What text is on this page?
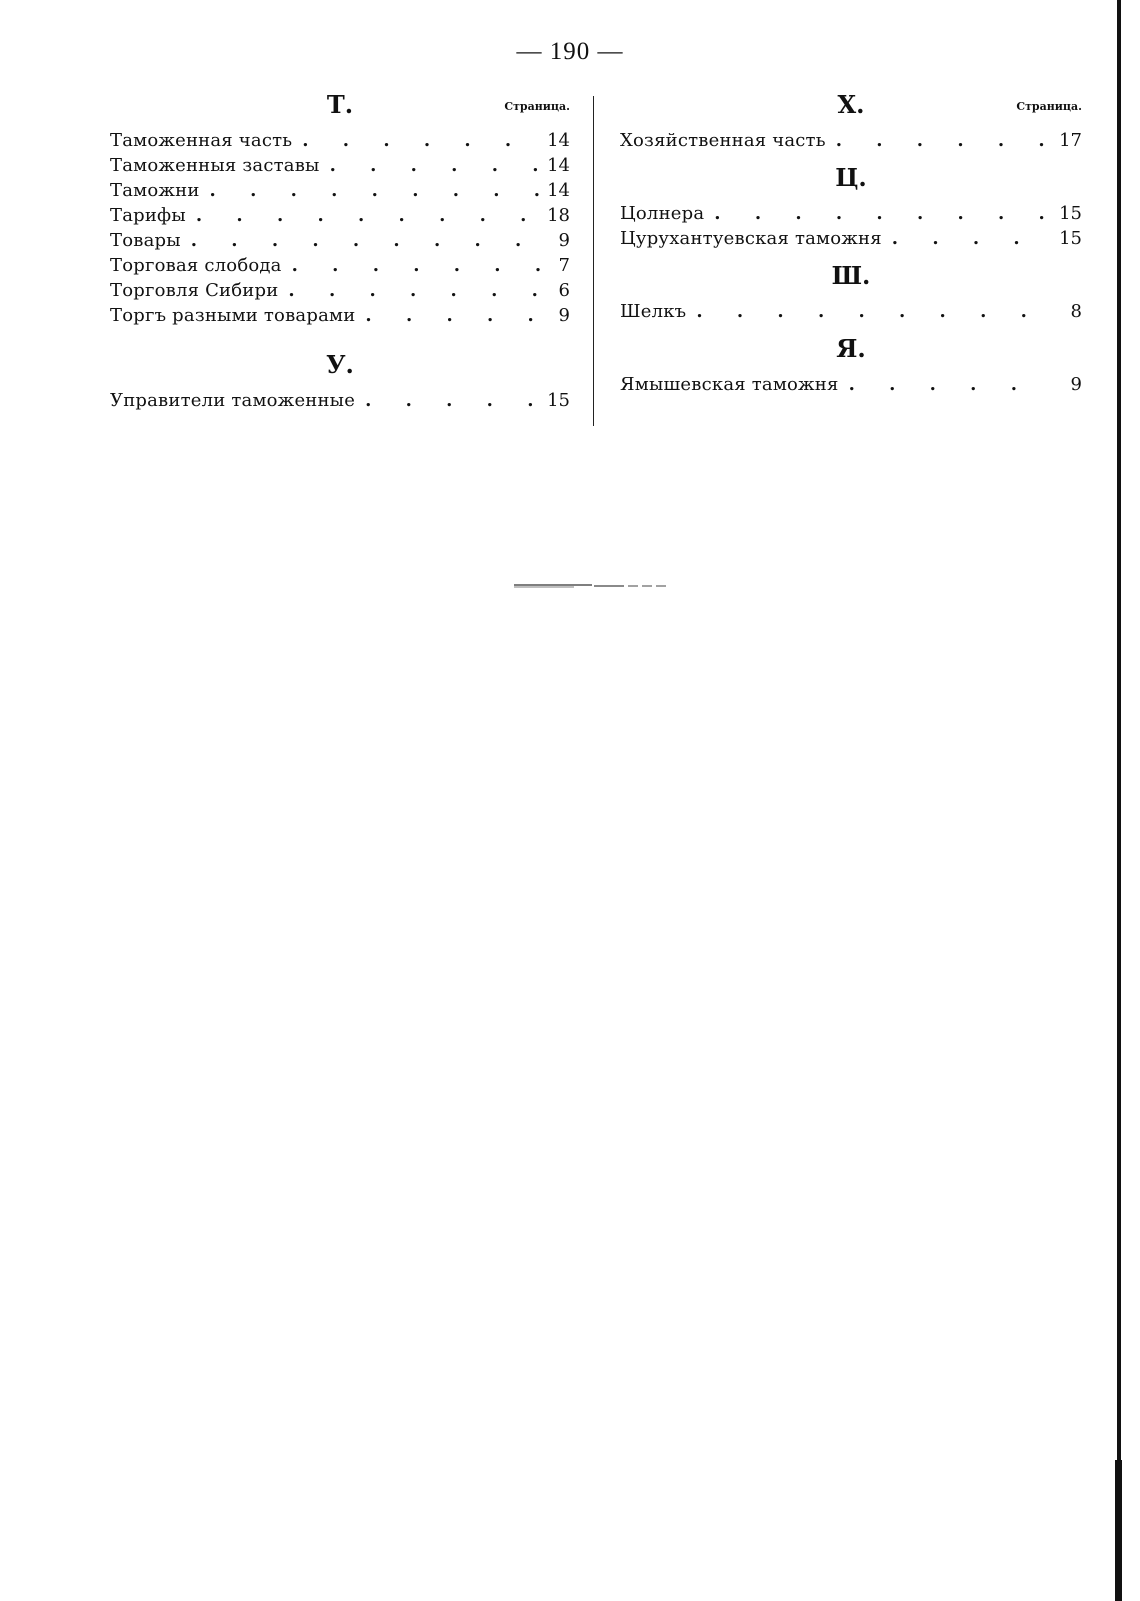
— 190 —
Т.	Страница.
Таможенная часть . . .	14
Таможенныя заставы . . .	14
Таможни . . .	14
Тарифы . . .	18
Товары . . .	9
Торговая слобода . . .	7
Торговля Сибири . . .	6
Торгъ разными товарами . . .	9
У.
Управители таможенные . . .	15
Х.	Страница.
Хозяйственная часть . . .	17
Ц.
Цолнера . . .	15
Цурухантуевская таможня . . .	15
Ш.
Шелкъ . . .	8
Я.
Ямышевская таможня . . .	9
